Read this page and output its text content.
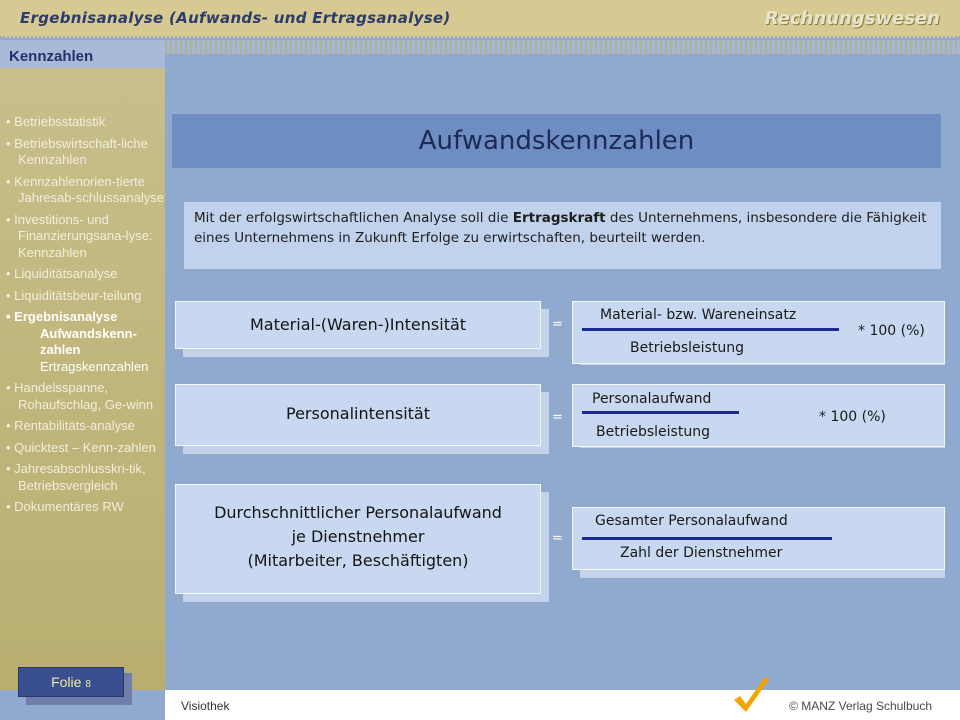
Ergebnisanalyse (Aufwands- und Ertragsanalyse)	Rechnungswesen
Kennzahlen
• Betriebsstatistik
• Betriebswirtschaft-liche Kennzahlen
• Kennzahlenorien-tierte Jahresab-schlussanalyse
• Investitions- und Finanzierungsana-lyse: Kennzahlen
• Liquiditätsanalyse
• Liquiditätsbeur-teilung
• Ergebnisanalyse
Aufwandskenn-zahlen
Ertragskennzahlen
• Handelsspanne, Rohaufschlag, Ge-winn
• Rentabilitäts-analyse
• Quicktest – Kenn-zahlen
• Jahresabschlusskri-tik, Betriebsvergleich
• Dokumentäres RW
Folie 8
Aufwandskennzahlen
Mit der erfolgswirtschaftlichen Analyse soll die Ertragskraft des Unternehmens, insbesondere die Fähigkeit eines Unternehmens in Zukunft Erfolge zu erwirtschaften, beurteilt werden.
Material-(Waren-)Intensität	=
Material- bzw. Wareneinsatz
Betriebsleistung
* 100 (%)
Personalintensität	=
Personalaufwand
Betriebsleistung
* 100 (%)
Durchschnittlicher Personalaufwand
je Dienstnehmer
(Mitarbeiter, Beschäftigten)
=
Gesamter Personalaufwand
Zahl der Dienstnehmer
Visiothek	© MANZ Verlag Schulbuch
